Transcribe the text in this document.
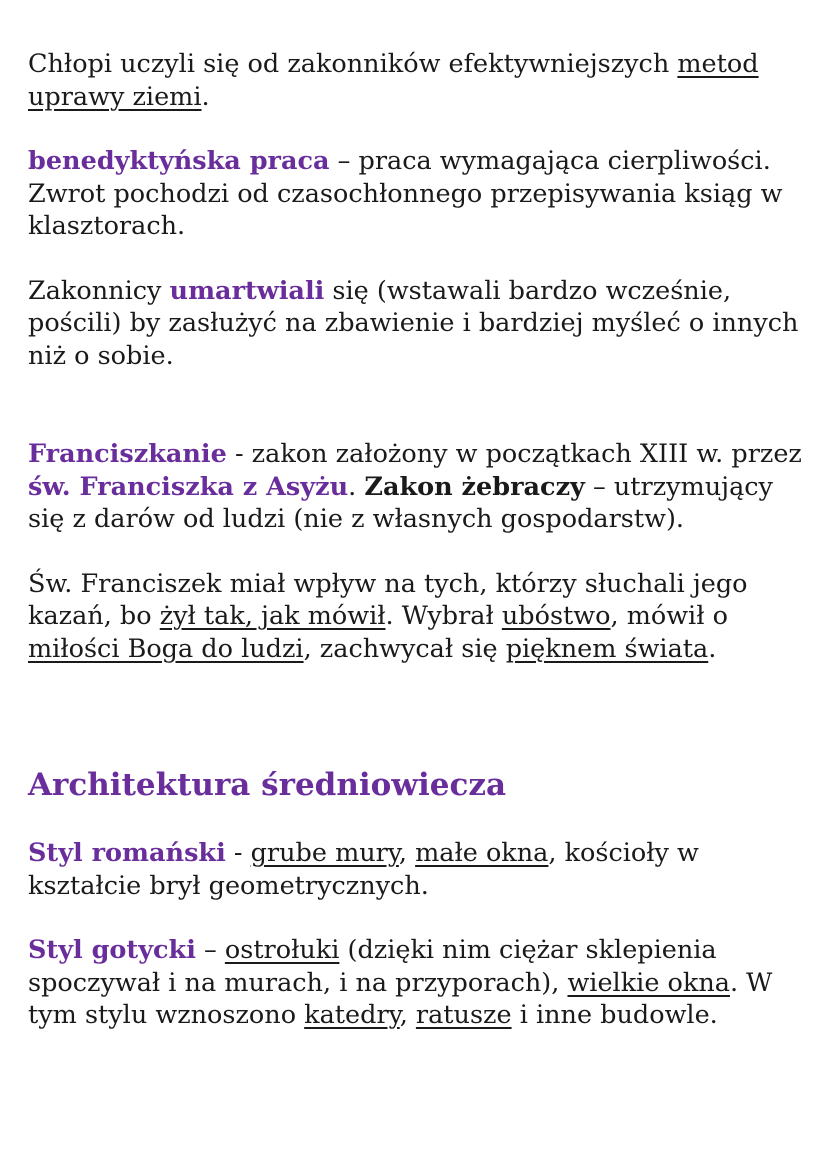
Chłopi uczyli się od zakonników efektywniejszych metod uprawy ziemi.

benedyktyńska praca – praca wymagająca cierpliwości. Zwrot pochodzi od czasochłonnego przepisywania ksiąg w klasztorach.

Zakonnicy umartwiali się (wstawali bardzo wcześnie, pościli) by zasłużyć na zbawienie i bardziej myśleć o innych niż o sobie.

Franciszkanie - zakon założony w początkach XIII w. przez św. Franciszka z Asyżu. Zakon żebraczy – utrzymujący się z darów od ludzi (nie z własnych gospodarstw).

Św. Franciszek miał wpływ na tych, którzy słuchali jego kazań, bo żył tak, jak mówił. Wybrał ubóstwo, mówił o miłości Boga do ludzi, zachwycał się pięknem świata.

Architektura średniowiecza

Styl romański - grube mury, małe okna, kościoły w kształcie brył geometrycznych.

Styl gotycki – ostrołuki (dzięki nim ciężar sklepienia spoczywał i na murach, i na przyporach), wielkie okna. W tym stylu wznoszono katedry, ratusze i inne budowle.
